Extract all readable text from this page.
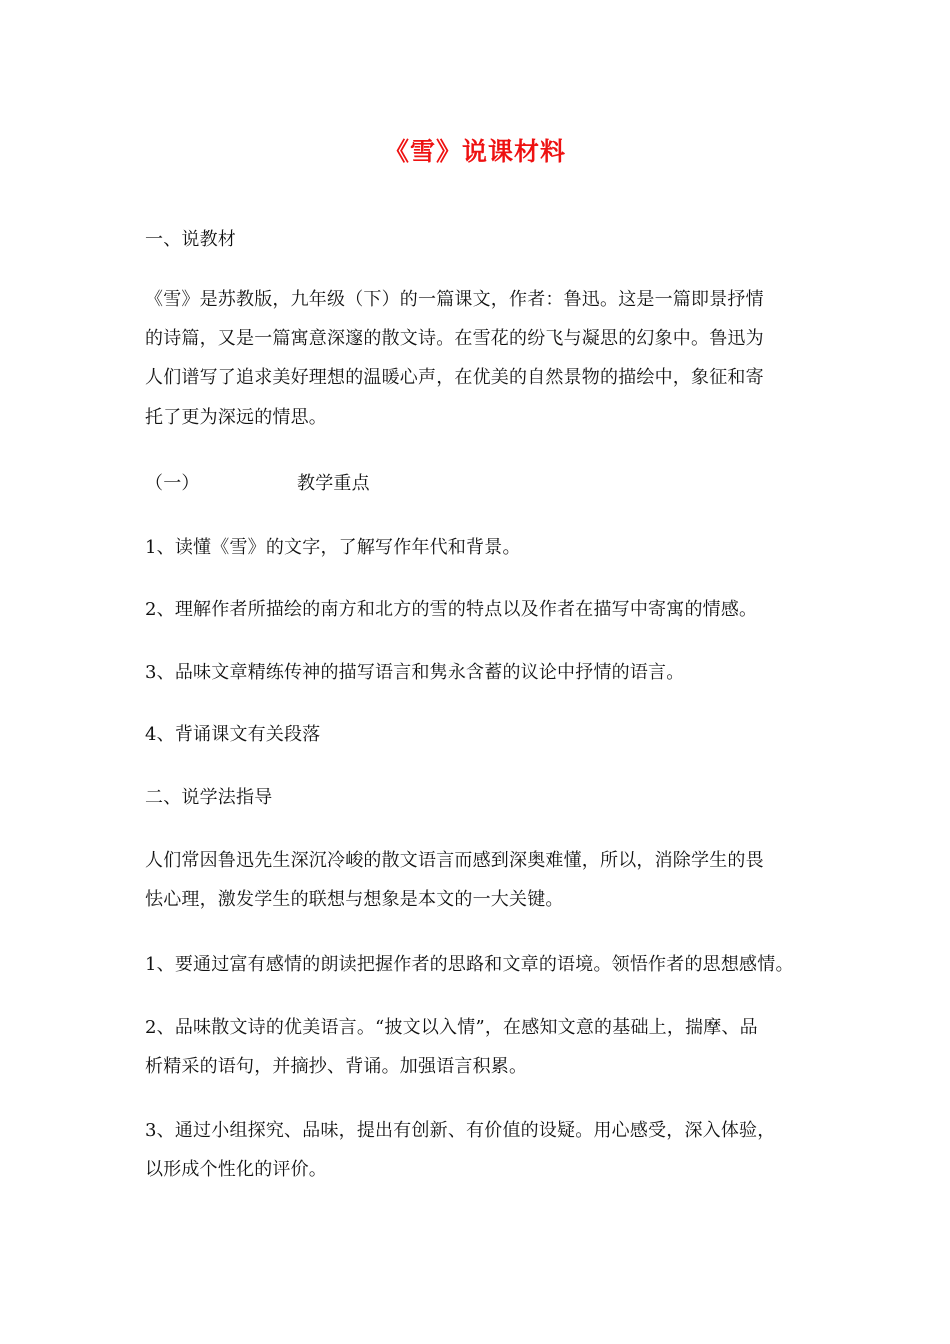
《雪》说课材料
一、说教材
《雪》是苏教版，九年级（下）的一篇课文，作者：鲁迅。这是一篇即景抒情
的诗篇，又是一篇寓意深邃的散文诗。在雪花的纷飞与凝思的幻象中。鲁迅为
人们谱写了追求美好理想的温暖心声，在优美的自然景物的描绘中，象征和寄
托了更为深远的情思。
（一）	教学重点
1、读懂《雪》的文字，了解写作年代和背景。
2、理解作者所描绘的南方和北方的雪的特点以及作者在描写中寄寓的情感。
3、品味文章精练传神的描写语言和隽永含蓄的议论中抒情的语言。
4、背诵课文有关段落
二、说学法指导
人们常因鲁迅先生深沉冷峻的散文语言而感到深奥难懂，所以，消除学生的畏
怯心理，激发学生的联想与想象是本文的一大关键。
1、要通过富有感情的朗读把握作者的思路和文章的语境。领悟作者的思想感情。
2、品味散文诗的优美语言。“披文以入情”，在感知文意的基础上，揣摩、品
析精采的语句，并摘抄、背诵。加强语言积累。
3、通过小组探究、品味，提出有创新、有价值的设疑。用心感受，深入体验，
以形成个性化的评价。
